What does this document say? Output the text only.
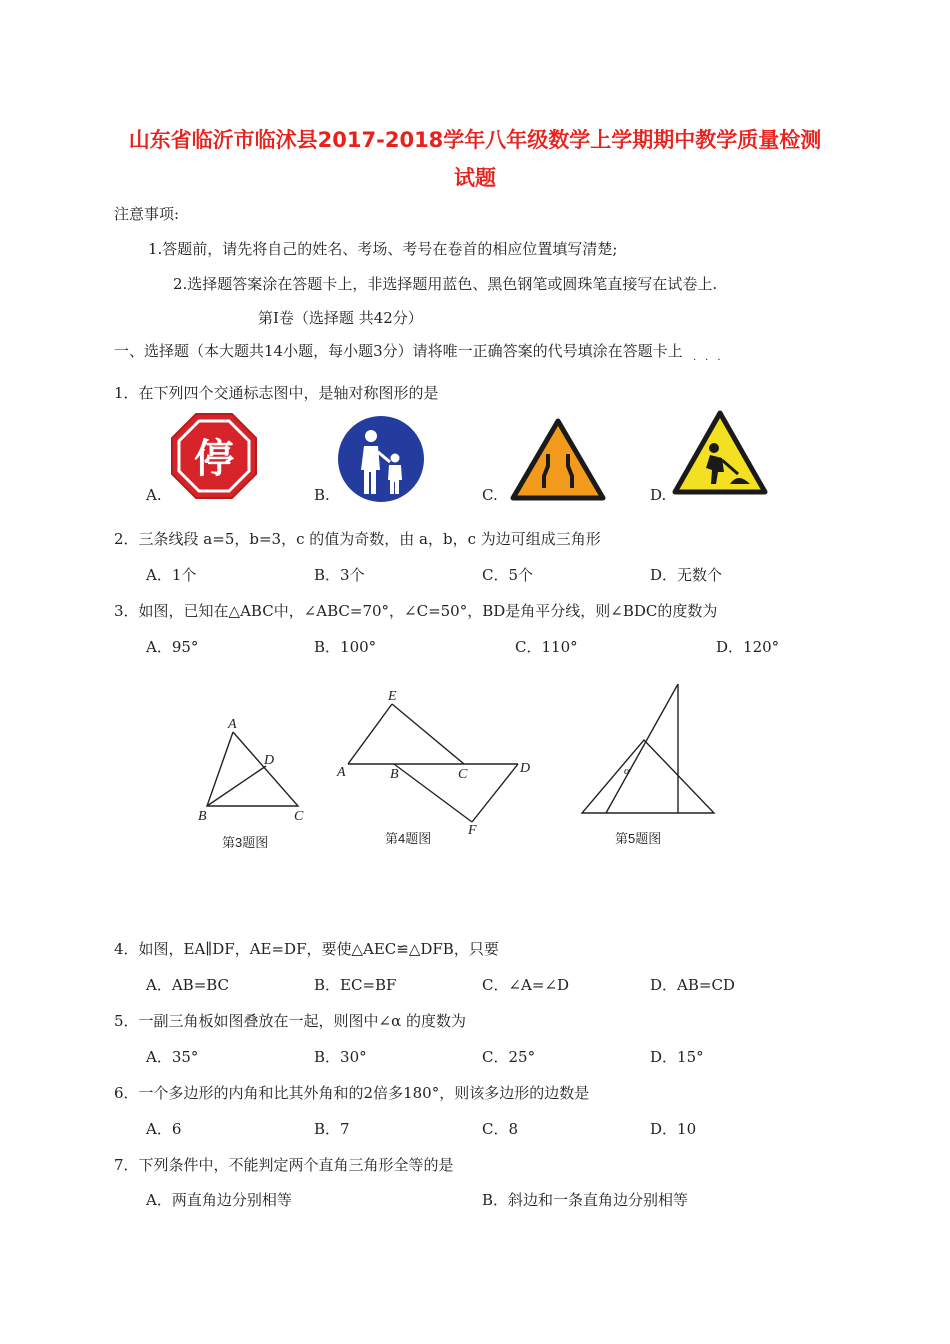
山东省临沂市临沭县2017-2018学年八年级数学上学期期中教学质量检测
试题
注意事项:
1.答题前，请先将自己的姓名、考场、考号在卷首的相应位置填写清楚;
2.选择题答案涂在答题卡上，非选择题用蓝色、黑色钢笔或圆珠笔直接写在试卷上.
第Ⅰ卷（选择题 共42分）
一、选择题（本大题共14小题，每小题3分）请将唯一正确答案的代号填涂在答题卡上
···
1．在下列四个交通标志图中，是轴对称图形的是
停
A.	B.	C.	D.
2．三条线段 a=5，b=3，c 的值为奇数，由 a，b，c 为边可组成三角形
A．1个	B．3个	C．5个	D．无数个
3．如图，已知在△ABC中，∠ABC=70°，∠C=50°，BD是角平分线，则∠BDC的度数为
A．95°	B．100°	C．110°	D．120°
A
D
B	C
第3题图
E
A	B	C	D
F
第4题图
α
第5题图
4．如图，EA∥DF，AE=DF，要使△AEC≌△DFB，只要
A．AB=BC	B．EC=BF	C．∠A=∠D	D．AB=CD
5．一副三角板如图叠放在一起，则图中∠α 的度数为
A．35°	B．30°	C．25°	D．15°
6．一个多边形的内角和比其外角和的2倍多180°，则该多边形的边数是
A．6	B．7	C．8	D．10
7．下列条件中，不能判定两个直角三角形全等的是
A．两直角边分别相等	B．斜边和一条直角边分别相等
